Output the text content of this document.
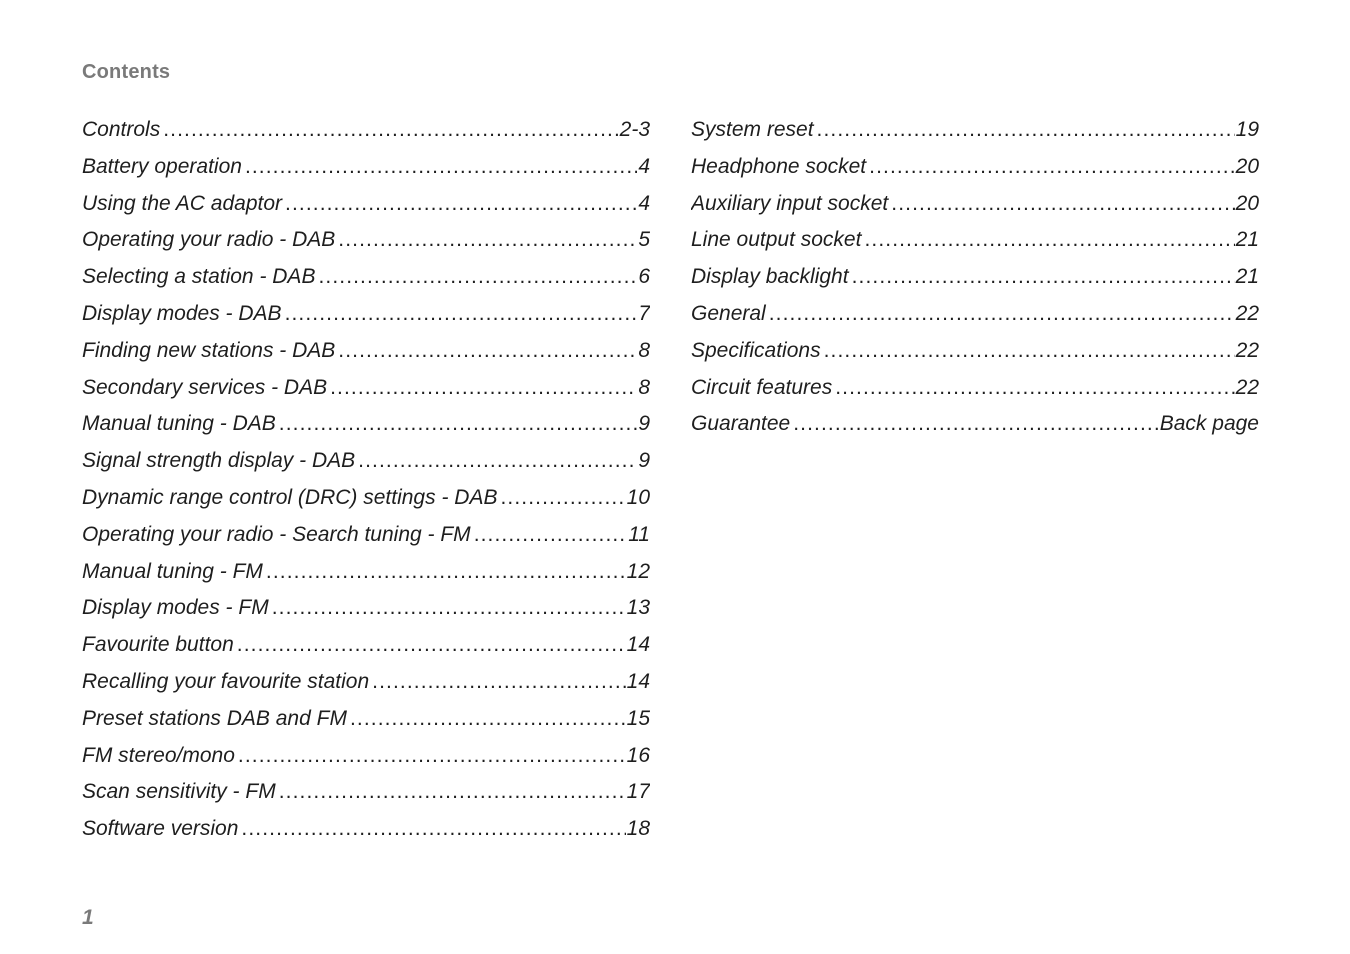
Contents
Controls .....	2-3
Battery operation .....	4
Using the AC adaptor .....	4
Operating your radio - DAB .....	5
Selecting a station - DAB .....	6
Display modes - DAB .....	7
Finding new stations - DAB .....	8
Secondary services - DAB .....	8
Manual tuning - DAB .....	9
Signal strength display - DAB .....	9
Dynamic range control (DRC) settings - DAB .....	10
Operating your radio - Search tuning - FM .....	11
Manual tuning - FM .....	12
Display modes - FM .....	13
Favourite button .....	14
Recalling your favourite station .....	14
Preset stations DAB and FM .....	15
FM stereo/mono .....	16
Scan sensitivity - FM .....	17
Software version .....	18
System reset .....	19
Headphone socket .....	20
Auxiliary input socket .....	20
Line output socket .....	21
Display backlight .....	21
General .....	22
Specifications .....	22
Circuit features .....	22
Guarantee .....	Back page
1
